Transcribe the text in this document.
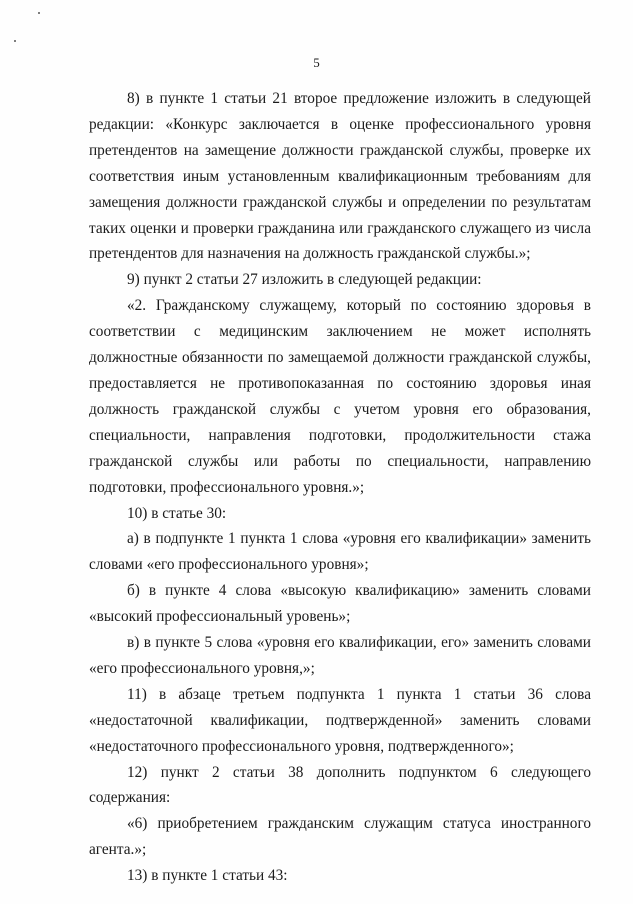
5

8) в пункте 1 статьи 21 второе предложение изложить в следующей редакции: «Конкурс заключается в оценке профессионального уровня претендентов на замещение должности гражданской службы, проверке их соответствия иным установленным квалификационным требованиям для замещения должности гражданской службы и определении по результатам таких оценки и проверки гражданина или гражданского служащего из числа претендентов для назначения на должность гражданской службы.»;

9) пункт 2 статьи 27 изложить в следующей редакции:

«2. Гражданскому служащему, который по состоянию здоровья в соответствии с медицинским заключением не может исполнять должностные обязанности по замещаемой должности гражданской службы, предоставляется не противопоказанная по состоянию здоровья иная должность гражданской службы с учетом уровня его образования, специальности, направления подготовки, продолжительности стажа гражданской службы или работы по специальности, направлению подготовки, профессионального уровня.»;

10) в статье 30:

а) в подпункте 1 пункта 1 слова «уровня его квалификации» заменить словами «его профессионального уровня»;

б) в пункте 4 слова «высокую квалификацию» заменить словами «высокий профессиональный уровень»;

в) в пункте 5 слова «уровня его квалификации, его» заменить словами «его профессионального уровня,»;

11) в абзаце третьем подпункта 1 пункта 1 статьи 36 слова «недостаточной квалификации, подтвержденной» заменить словами «недостаточного профессионального уровня, подтвержденного»;

12) пункт 2 статьи 38 дополнить подпунктом 6 следующего содержания:

«6) приобретением гражданским служащим статуса иностранного агента.»;

13) в пункте 1 статьи 43:
